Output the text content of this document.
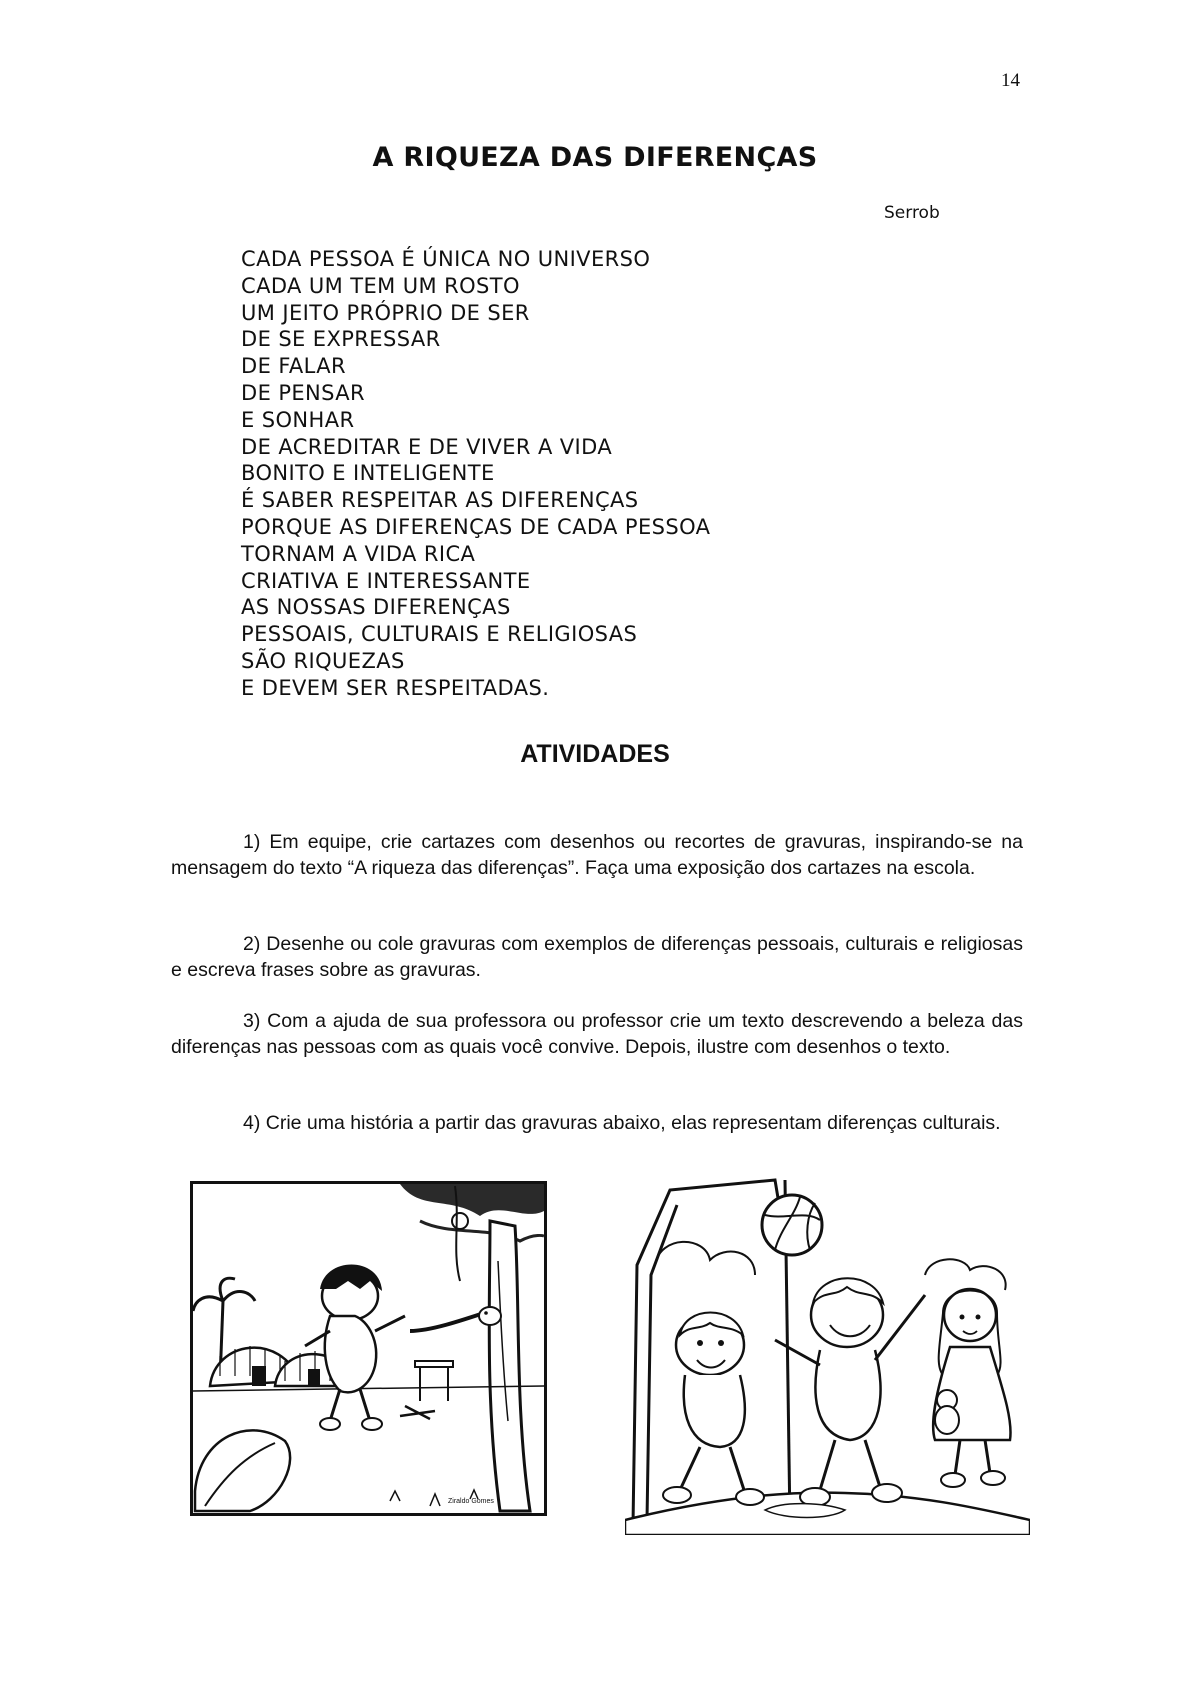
14
A RIQUEZA DAS DIFERENÇAS
Serrob
CADA PESSOA É ÚNICA NO UNIVERSO
CADA UM TEM UM ROSTO
UM JEITO PRÓPRIO DE SER
DE SE EXPRESSAR
DE FALAR
DE PENSAR
E SONHAR
DE ACREDITAR E DE VIVER A VIDA
BONITO E INTELIGENTE
É SABER RESPEITAR AS DIFERENÇAS
PORQUE AS DIFERENÇAS DE CADA PESSOA
TORNAM A VIDA RICA
CRIATIVA E INTERESSANTE
AS NOSSAS DIFERENÇAS
PESSOAIS, CULTURAIS E RELIGIOSAS
SÃO RIQUEZAS
E DEVEM SER RESPEITADAS.
ATIVIDADES

1) Em equipe, crie cartazes com desenhos ou recortes de gravuras, inspirando-se na mensagem do texto “A riqueza das diferenças”. Faça uma exposição dos cartazes na escola.

2) Desenhe ou cole gravuras com exemplos de diferenças pessoais, culturais e religiosas e escreva frases sobre as gravuras.

3) Com a ajuda de sua professora ou professor crie um texto descrevendo a beleza das diferenças nas pessoas com as quais você convive. Depois, ilustre com desenhos o texto.

4) Crie uma história a partir das gravuras abaixo, elas representam diferenças culturais.

Ziraldo Gomes
